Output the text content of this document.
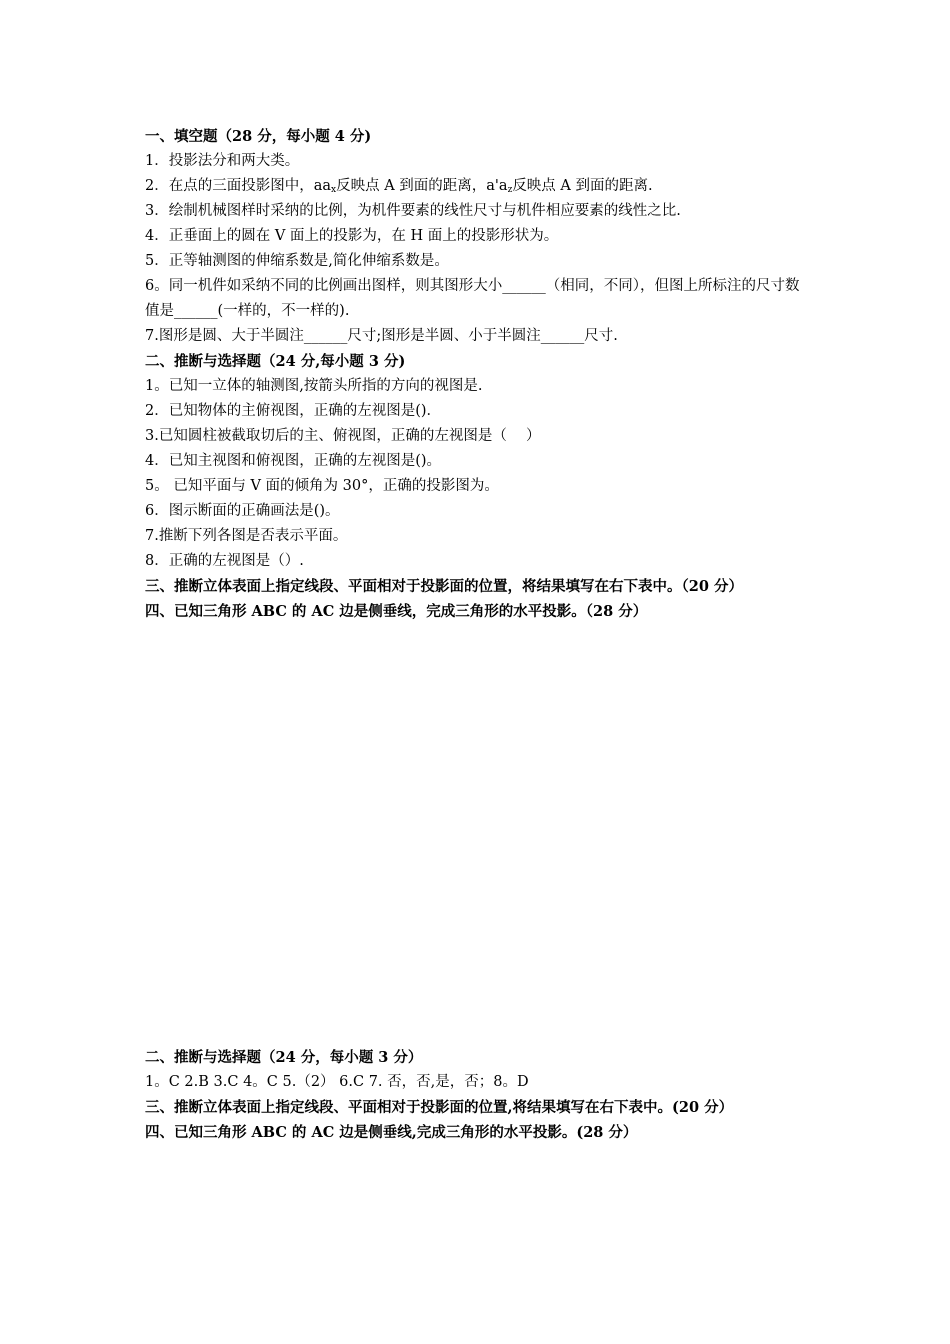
一、填空题（28 分，每小题 4 分)
1．投影法分和两大类。
2．在点的三面投影图中，$aa_x$反映点 A 到面的距离，$a'a_z$反映点 A 到面的距离.
3．绘制机械图样时采纳的比例，为机件要素的线性尺寸与机件相应要素的线性之比.
4．正垂面上的圆在 V 面上的投影为，在 H 面上的投影形状为。
5．正等轴测图的伸缩系数是,简化伸缩系数是。
6。同一机件如采纳不同的比例画出图样，则其图形大小______（相同，不同），但图上所标注的尺寸数值是______(一样的，不一样的).
7.图形是圆、大于半圆注______尺寸;图形是半圆、小于半圆注______尺寸.
二、推断与选择题（24 分,每小题 3 分)
1。已知一立体的轴测图,按箭头所指的方向的视图是.
2．已知物体的主俯视图，正确的左视图是()．
3.已知圆柱被截取切后的主、俯视图，正确的左视图是（　 ）
4．已知主视图和俯视图，正确的左视图是()。
5。 已知平面与 V 面的倾角为 30°，正确的投影图为。
6．图示断面的正确画法是()。
7.推断下列各图是否表示平面。
8．正确的左视图是（）.
三、推断立体表面上指定线段、平面相对于投影面的位置，将结果填写在右下表中。（20 分）
四、已知三角形 ABC 的 AC 边是侧垂线，完成三角形的水平投影。（28 分）
二、推断与选择题（24 分，每小题 3 分）
1。C 2.B 3.C 4。C 5.（2） 6.C 7. 否，否,是，否；8。D
三、推断立体表面上指定线段、平面相对于投影面的位置,将结果填写在右下表中。(20 分）
四、已知三角形 ABC 的 AC 边是侧垂线,完成三角形的水平投影。(28 分）
